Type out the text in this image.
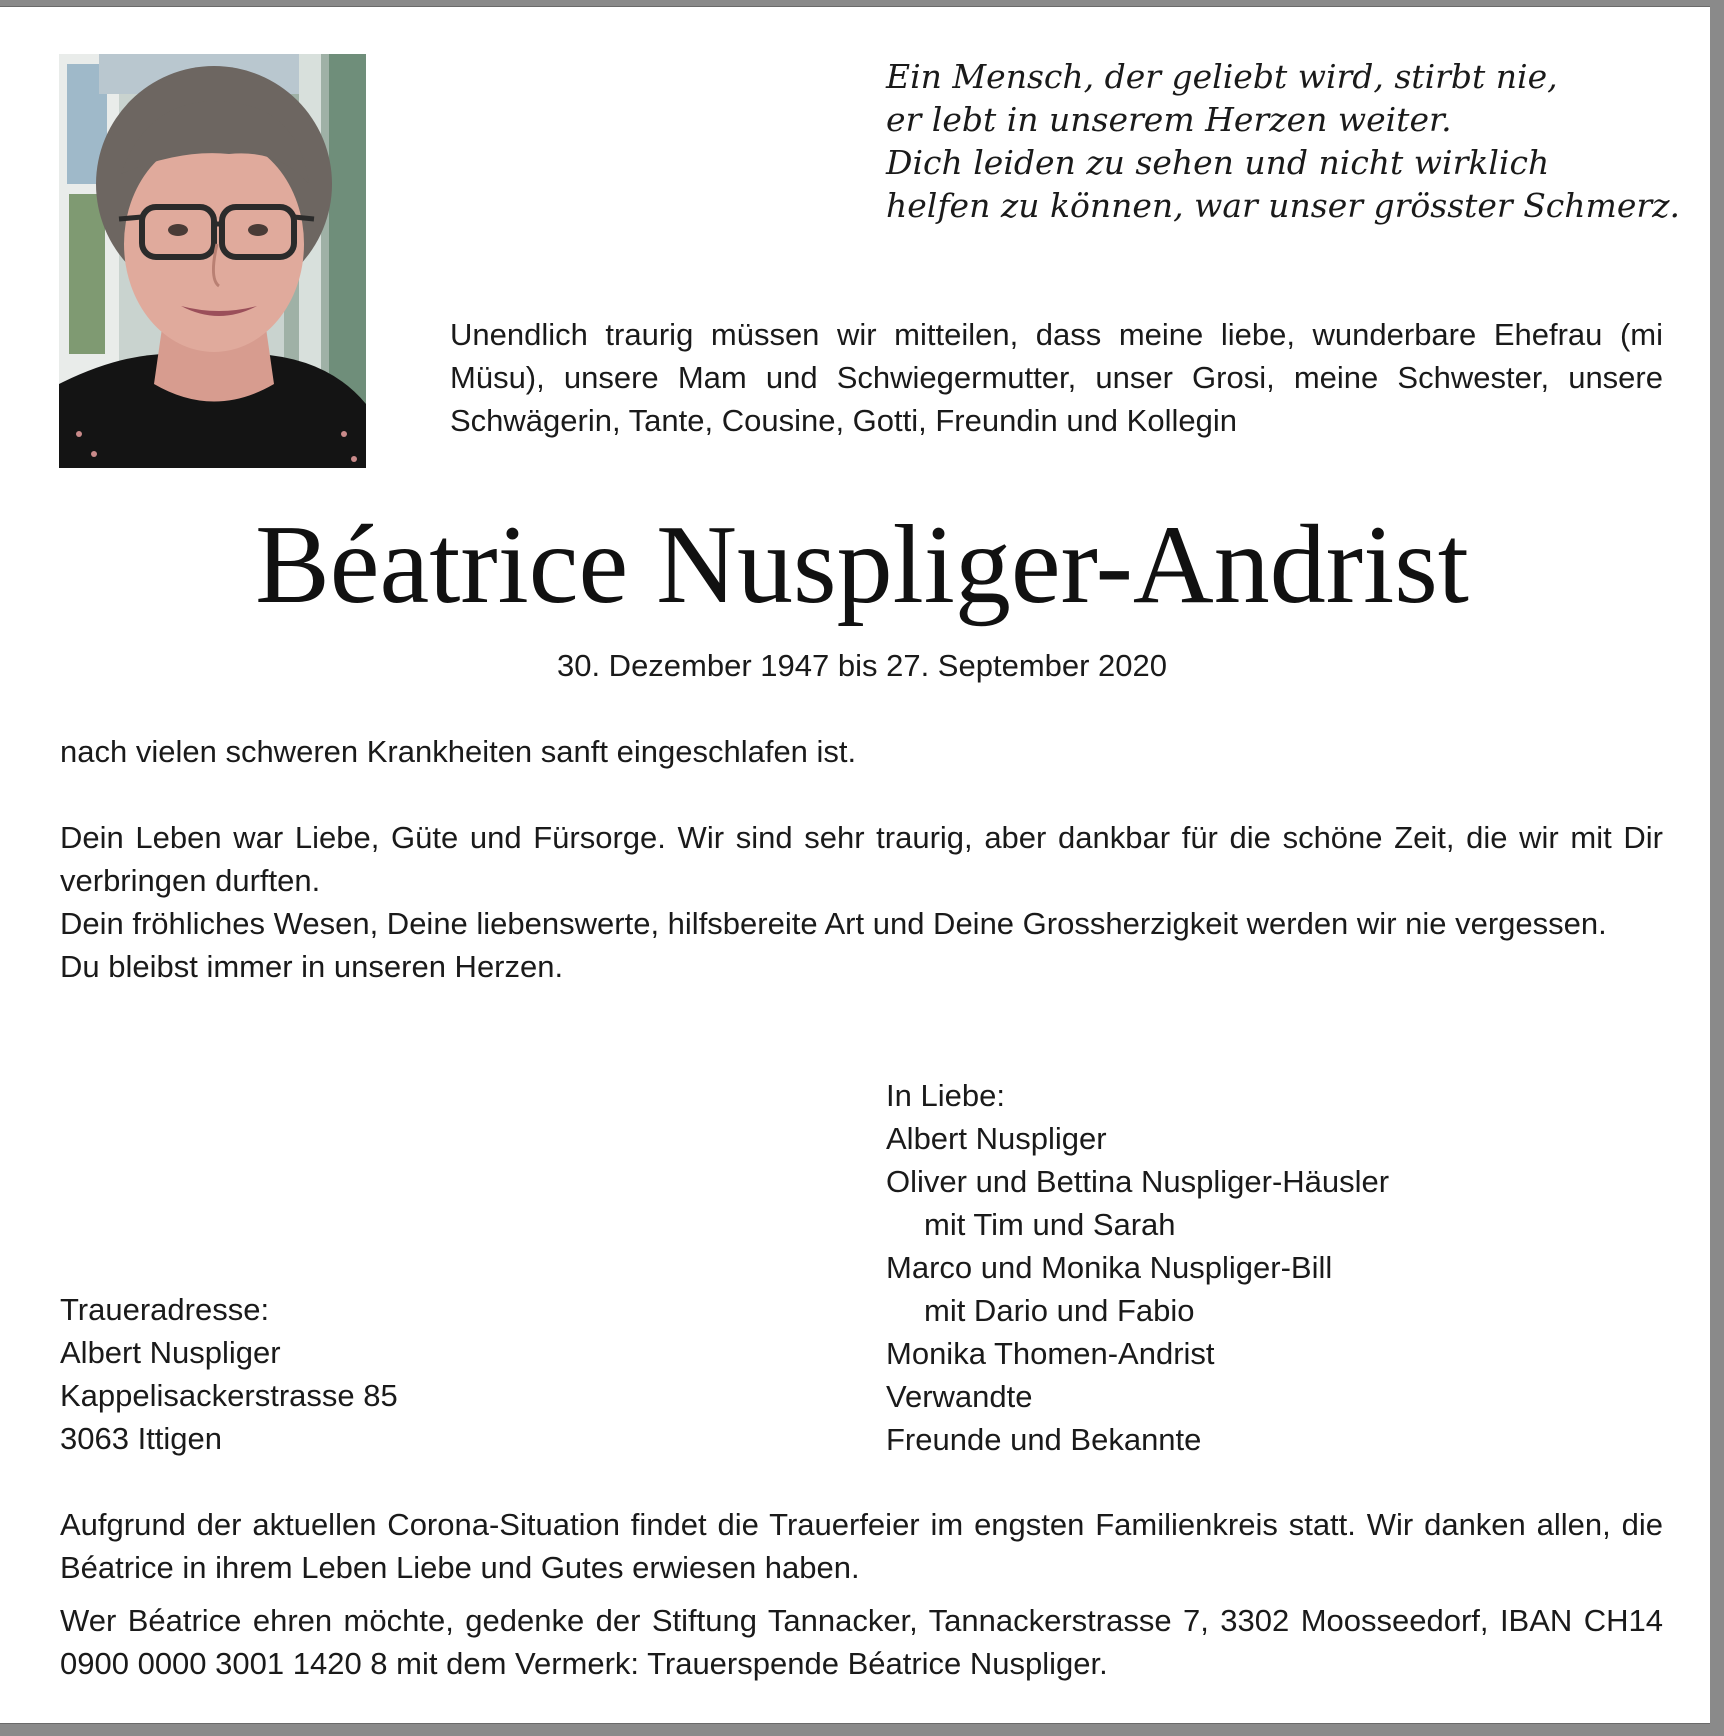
Ein Mensch, der geliebt wird, stirbt nie,
er lebt in unserem Herzen weiter.
Dich leiden zu sehen und nicht wirklich
helfen zu können, war unser grösster Schmerz.
Unendlich traurig müssen wir mitteilen, dass meine liebe, wunderbare Ehefrau (mi Müsu), unsere Mam und Schwiegermutter, unser Grosi, meine Schwester, unsere Schwägerin, Tante, Cousine, Gotti, Freundin und Kollegin
Béatrice Nuspliger-Andrist
30. Dezember 1947 bis 27. September 2020
nach vielen schweren Krankheiten sanft eingeschlafen ist.
Dein Leben war Liebe, Güte und Fürsorge. Wir sind sehr traurig, aber dankbar für die schöne Zeit, die wir mit Dir verbringen durften.
Dein fröhliches Wesen, Deine liebenswerte, hilfsbereite Art und Deine Grossherzigkeit werden wir nie vergessen.
Du bleibst immer in unseren Herzen.
In Liebe:
Albert Nuspliger
Oliver und Bettina Nuspliger-Häusler
mit Tim und Sarah
Marco und Monika Nuspliger-Bill
mit Dario und Fabio
Monika Thomen-Andrist
Verwandte
Freunde und Bekannte
Traueradresse:
Albert Nuspliger
Kappelisackerstrasse 85
3063 Ittigen
Aufgrund der aktuellen Corona-Situation findet die Trauerfeier im engsten Familienkreis statt. Wir danken allen, die Béatrice in ihrem Leben Liebe und Gutes erwiesen haben.
Wer Béatrice ehren möchte, gedenke der Stiftung Tannacker, Tannackerstrasse 7, 3302 Moosseedorf, IBAN CH14 0900 0000 3001 1420 8 mit dem Vermerk: Trauerspende Béatrice Nuspliger.
